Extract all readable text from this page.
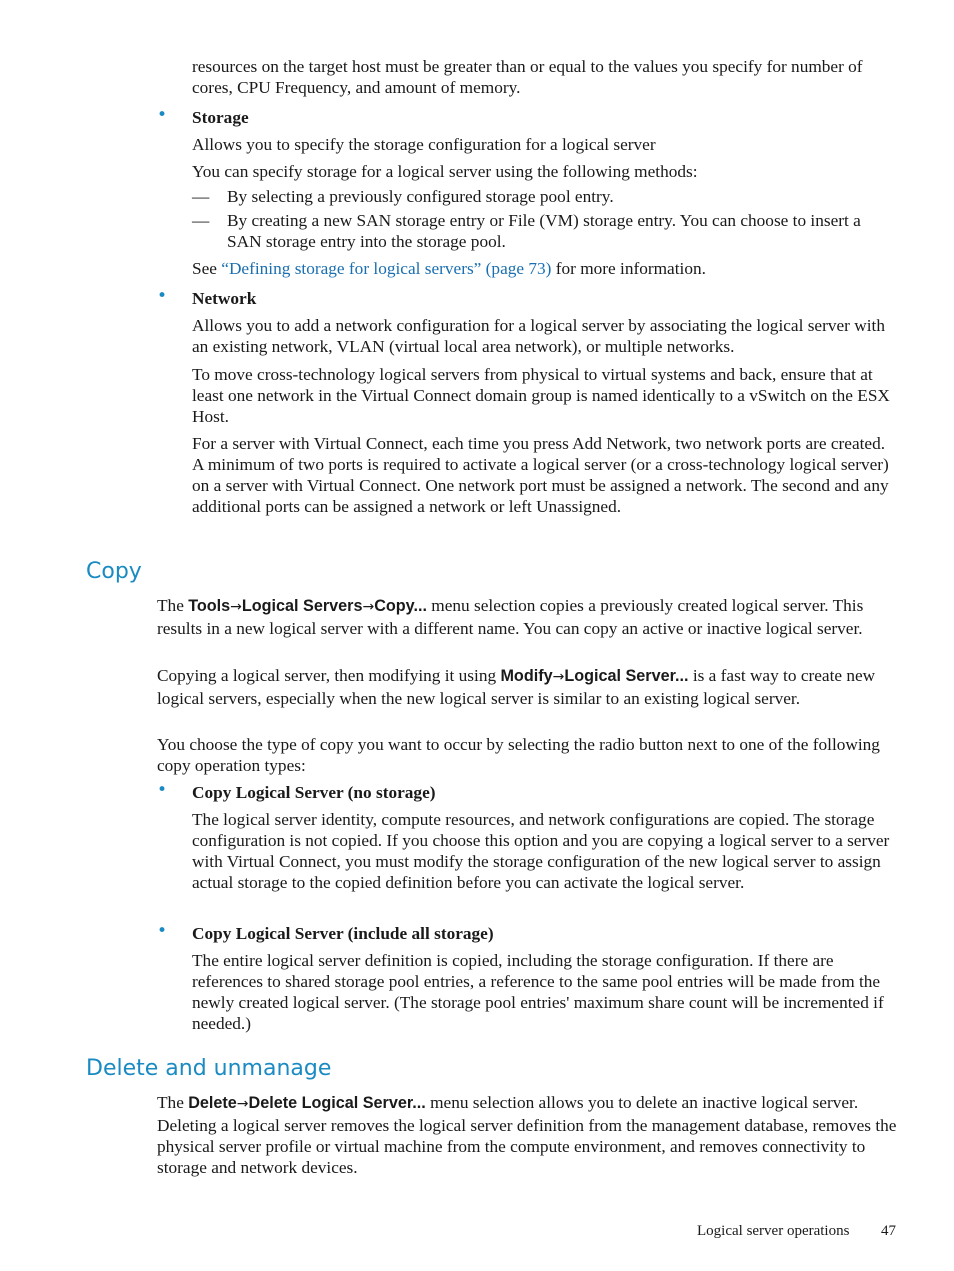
resources on the target host must be greater than or equal to the values you specify for number of cores, CPU Frequency, and amount of memory.

• Storage

Allows you to specify the storage configuration for a logical server

You can specify storage for a logical server using the following methods:

— By selecting a previously configured storage pool entry.
— By creating a new SAN storage entry or File (VM) storage entry. You can choose to insert a SAN storage entry into the storage pool.

See “Defining storage for logical servers” (page 73) for more information.

• Network

Allows you to add a network configuration for a logical server by associating the logical server with an existing network, VLAN (virtual local area network), or multiple networks.

To move cross-technology logical servers from physical to virtual systems and back, ensure that at least one network in the Virtual Connect domain group is named identically to a vSwitch on the ESX Host.

For a server with Virtual Connect, each time you press Add Network, two network ports are created. A minimum of two ports is required to activate a logical server (or a cross-technology logical server) on a server with Virtual Connect. One network port must be assigned a network. The second and any additional ports can be assigned a network or left Unassigned.

Copy

The Tools→Logical Servers→Copy... menu selection copies a previously created logical server. This results in a new logical server with a different name. You can copy an active or inactive logical server.

Copying a logical server, then modifying it using Modify→Logical Server... is a fast way to create new logical servers, especially when the new logical server is similar to an existing logical server.

You choose the type of copy you want to occur by selecting the radio button next to one of the following copy operation types:

• Copy Logical Server (no storage)

The logical server identity, compute resources, and network configurations are copied. The storage configuration is not copied. If you choose this option and you are copying a logical server to a server with Virtual Connect, you must modify the storage configuration of the new logical server to assign actual storage to the copied definition before you can activate the logical server.

• Copy Logical Server (include all storage)

The entire logical server definition is copied, including the storage configuration. If there are references to shared storage pool entries, a reference to the same pool entries will be made from the newly created logical server. (The storage pool entries' maximum share count will be incremented if needed.)

Delete and unmanage

The Delete→Delete Logical Server... menu selection allows you to delete an inactive logical server. Deleting a logical server removes the logical server definition from the management database, removes the physical server profile or virtual machine from the compute environment, and removes connectivity to storage and network devices.

Logical server operations 47
